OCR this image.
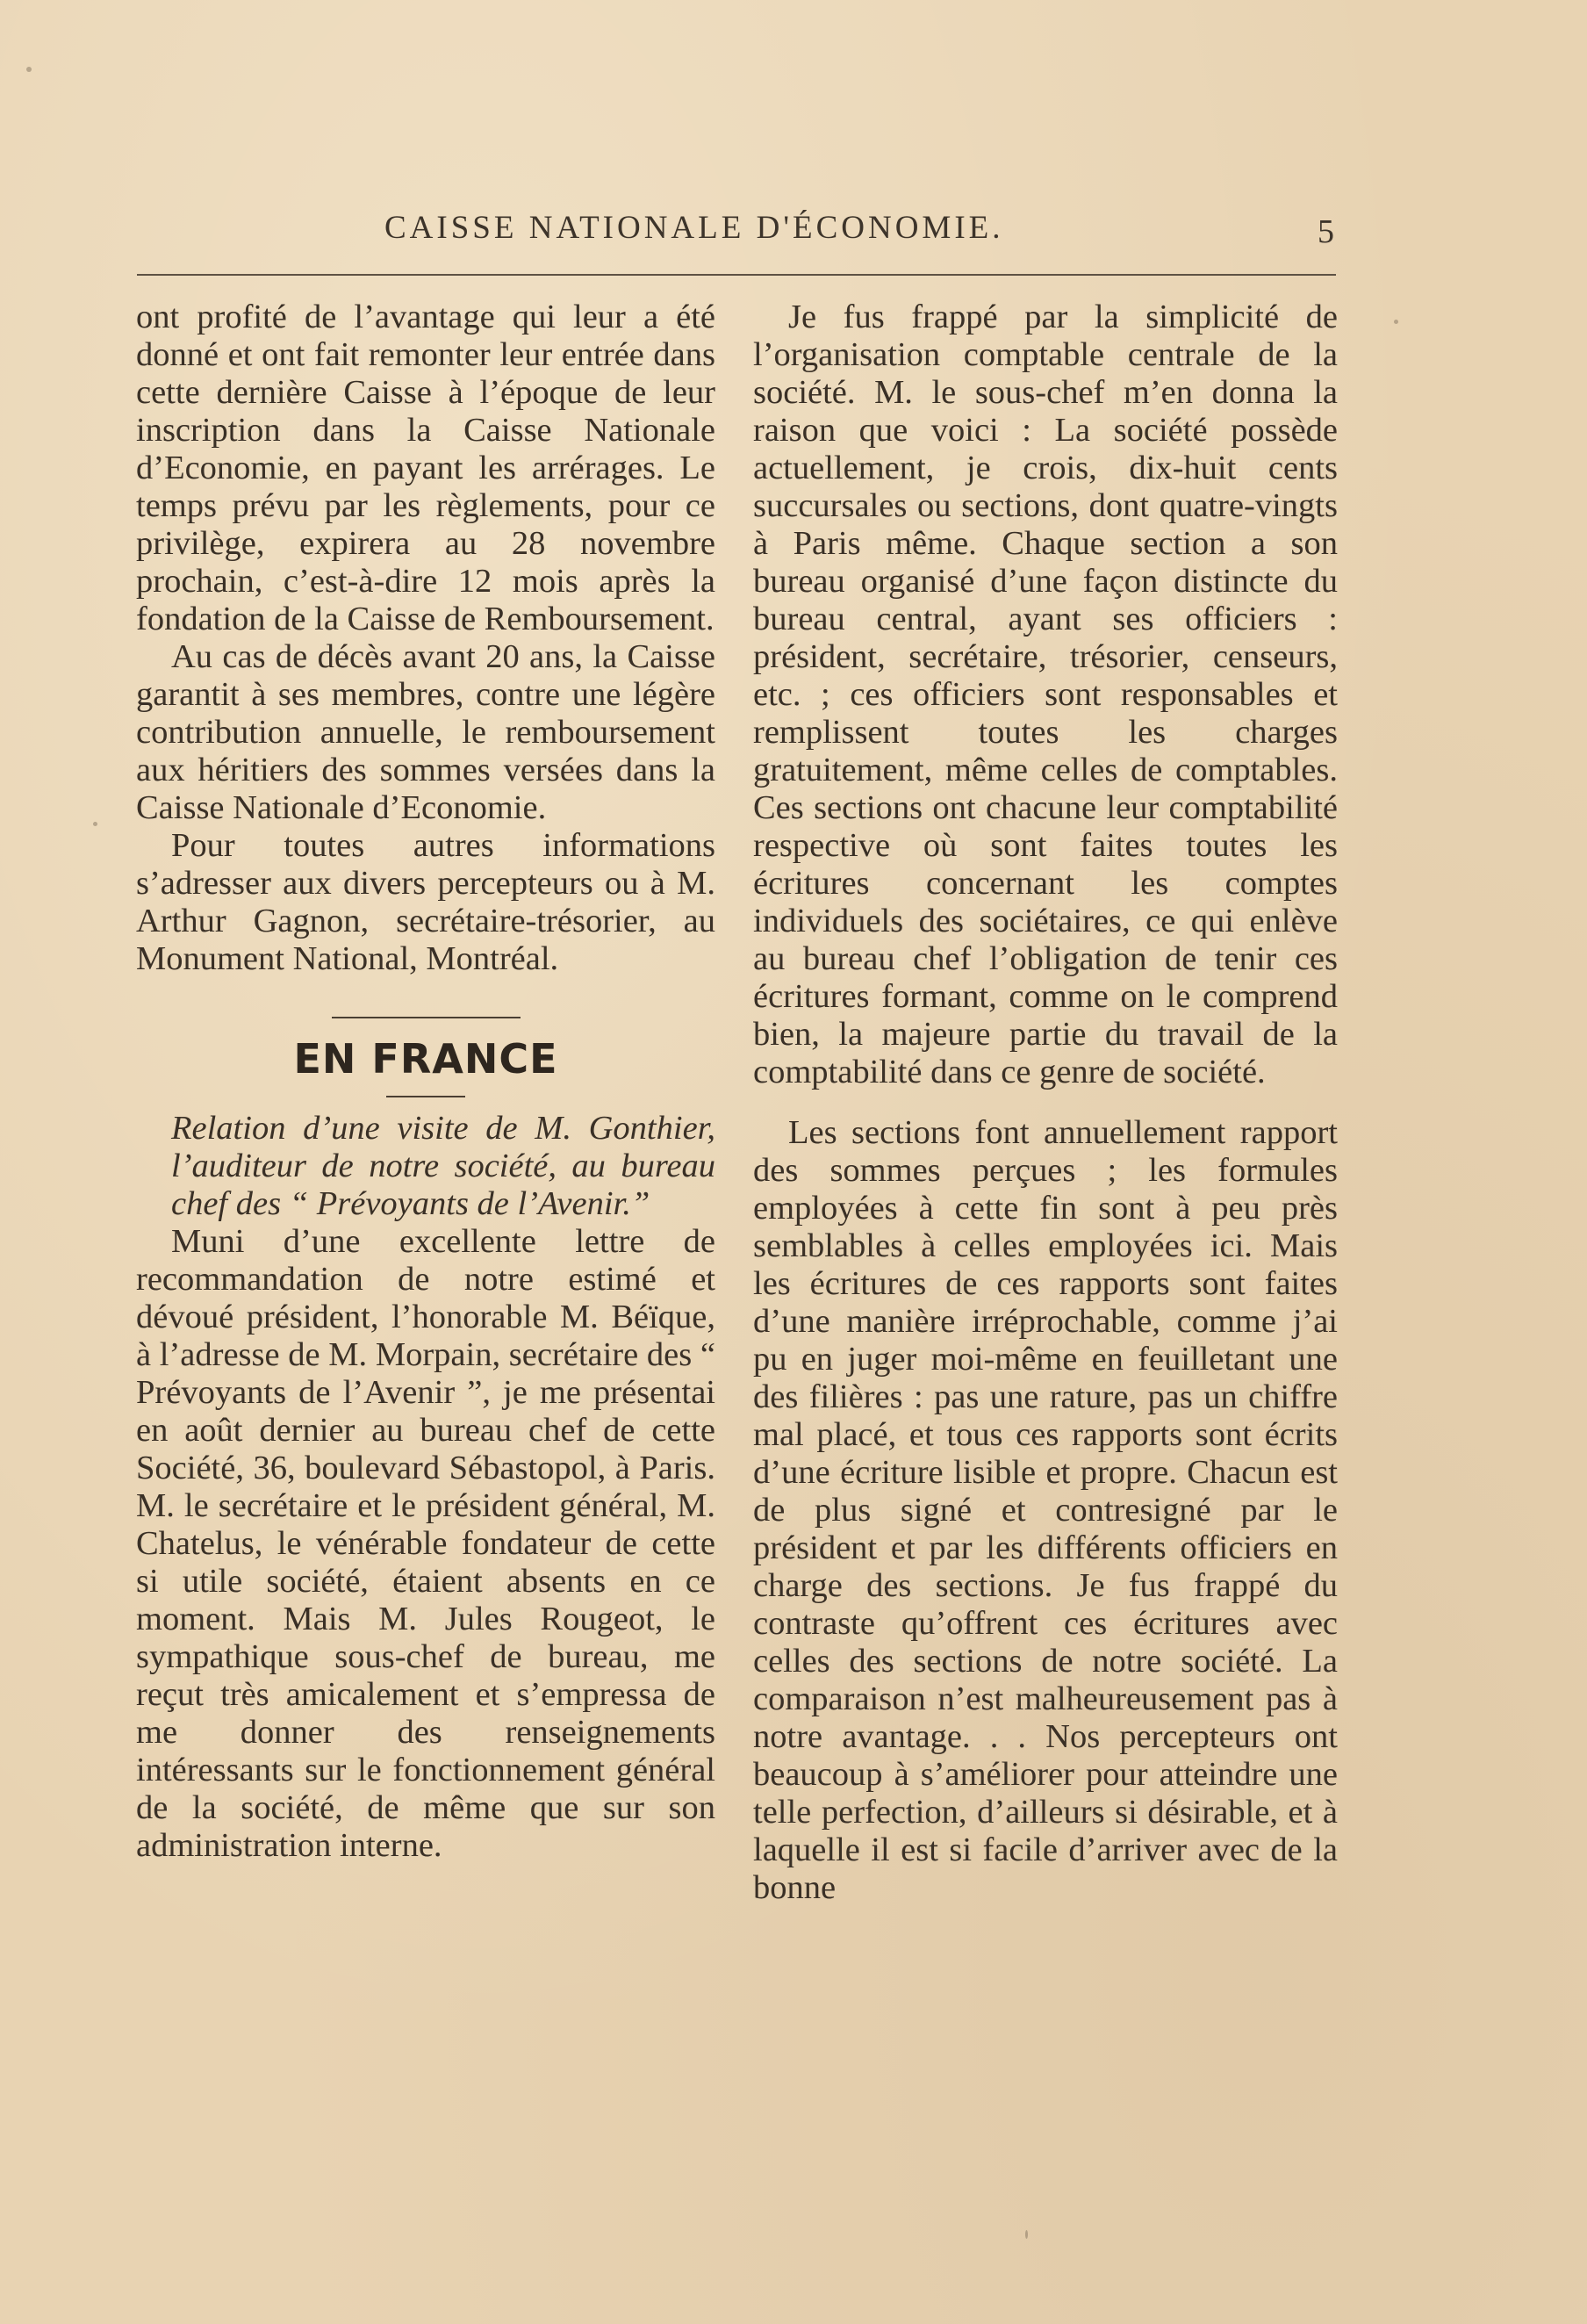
CAISSE NATIONALE D'ÉCONOMIE.	5

ont profité de l’avantage qui leur a été donné et ont fait remonter leur entrée dans cette dernière Caisse à l’époque de leur inscription dans la Caisse Nationale d’Economie, en payant les arrérages. Le temps prévu par les règlements, pour ce privilège, expirera au 28 novembre prochain, c’est-à-dire 12 mois après la fondation de la Caisse de Remboursement.

Au cas de décès avant 20 ans, la Caisse garantit à ses membres, contre une légère contribution annuelle, le remboursement aux héritiers des sommes versées dans la Caisse Nationale d’Economie.

Pour toutes autres informations s’adresser aux divers percepteurs ou à M. Arthur Gagnon, secrétaire-trésorier, au Monument National, Montréal.

EN FRANCE

Relation d’une visite de M. Gonthier, l’auditeur de notre société, au bureau chef des “ Prévoyants de l’Avenir.”

Muni d’une excellente lettre de recommandation de notre estimé et dévoué président, l’honorable M. Béïque, à l’adresse de M. Morpain, secrétaire des “ Prévoyants de l’Avenir ”, je me présentai en août dernier au bureau chef de cette Société, 36, boulevard Sébastopol, à Paris. M. le secrétaire et le président général, M. Chatelus, le vénérable fondateur de cette si utile société, étaient absents en ce moment. Mais M. Jules Rougeot, le sympathique sous-chef de bureau, me reçut très amicalement et s’empressa de me donner des renseignements intéressants sur le fonctionnement général de la société, de même que sur son administration interne.

Je fus frappé par la simplicité de l’organisation comptable centrale de la société. M. le sous-chef m’en donna la raison que voici : La société possède actuellement, je crois, dix-huit cents succursales ou sections, dont quatre-vingts à Paris même. Chaque section a son bureau organisé d’une façon distincte du bureau central, ayant ses officiers : président, secrétaire, trésorier, censeurs, etc. ; ces officiers sont responsables et remplissent toutes les charges gratuitement, même celles de comptables. Ces sections ont chacune leur comptabilité respective où sont faites toutes les écritures concernant les comptes individuels des sociétaires, ce qui enlève au bureau chef l’obligation de tenir ces écritures formant, comme on le comprend bien, la majeure partie du travail de la comptabilité dans ce genre de société.

Les sections font annuellement rapport des sommes perçues ; les formules employées à cette fin sont à peu près semblables à celles employées ici. Mais les écritures de ces rapports sont faites d’une manière irréprochable, comme j’ai pu en juger moi-même en feuilletant une des filières : pas une rature, pas un chiffre mal placé, et tous ces rapports sont écrits d’une écriture lisible et propre. Chacun est de plus signé et contresigné par le président et par les différents officiers en charge des sections. Je fus frappé du contraste qu’offrent ces écritures avec celles des sections de notre société. La comparaison n’est malheureusement pas à notre avantage. . . Nos percepteurs ont beaucoup à s’améliorer pour atteindre une telle perfection, d’ailleurs si désirable, et à laquelle il est si facile d’arriver avec de la bonne
